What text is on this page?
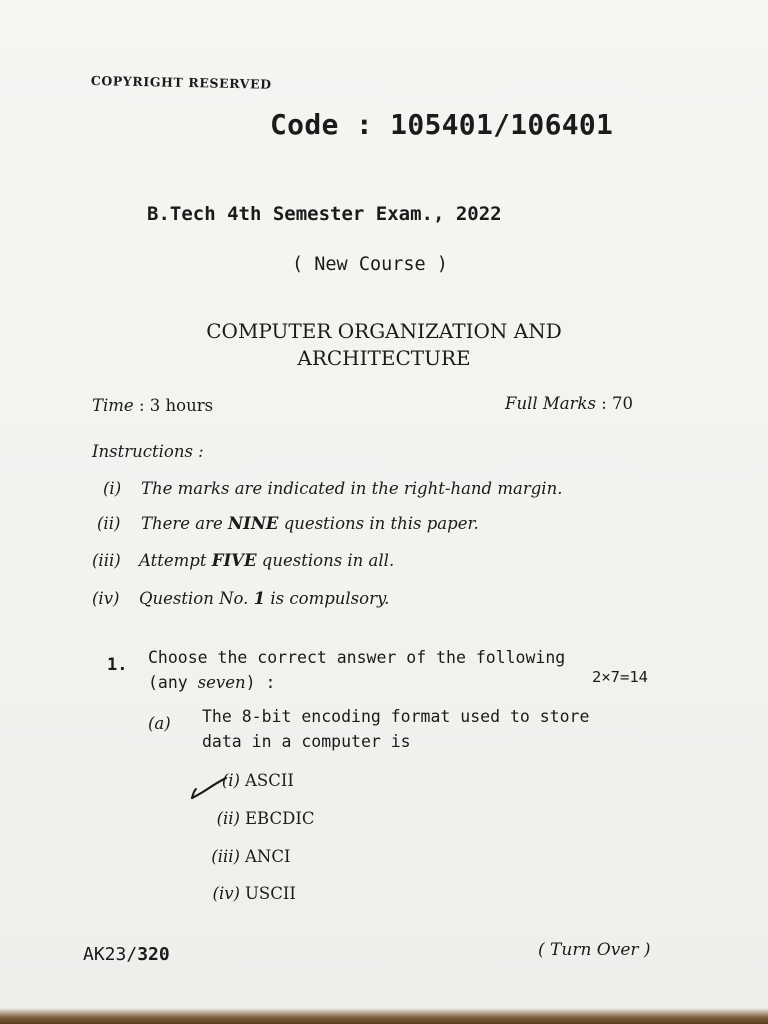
COPYRIGHT RESERVED
Code : 105401/106401
B.Tech 4th Semester Exam., 2022
( New Course )
COMPUTER ORGANIZATION AND
ARCHITECTURE
Time : 3 hours	Full Marks : 70
Instructions :
(i) The marks are indicated in the right-hand margin.
(ii) There are NINE questions in this paper.
(iii) Attempt FIVE questions in all.
(iv) Question No. 1 is compulsory.
1. Choose the correct answer of the following
(any seven) :	2×7=14
(a) The 8-bit encoding format used to store
data in a computer is
(i) ASCII
(ii) EBCDIC
(iii) ANCI
(iv) USCII
AK23/320	( Turn Over )
